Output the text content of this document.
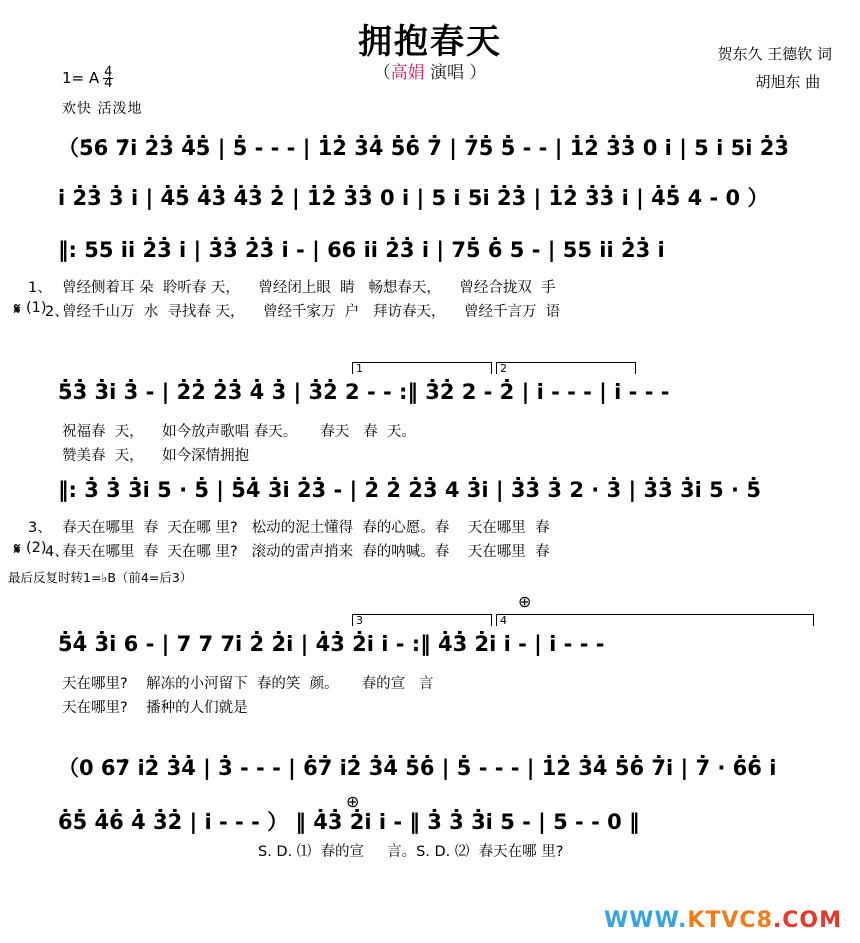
拥抱春天
（高娟 演唱 ）
贺东久 王德钦 词
胡旭东 曲
1= A $\frac{4}{4}$
欢快 活泼地
（5̇6̇ 7̇i̇ 2̇3̇ 4̇5̇ | 5̇ - - - | 1̇2̇ 3̇4̇ 5̇6̇ 7̇ | 7̇5̇ 5̇ - - | 1̇2̇ 3̇3̇ 0 i̇ | 5 i̇ 5i̇ 2̇3̇
i̇ 2̇3̇ 3̇ i̇ | 4̇5̇ 4̇3̇ 4̇3̇ 2̇ | 1̇2̇ 3̇3̇ 0 i̇ | 5 i̇ 5i̇ 2̇3̇ | 1̇2̇ 3̇3̇ i̇ | 4̇5̇ 4 - 0 ）
‖: 55 i̇i̇ 2̇3̇ i̇ | 3̇3̇ 2̇3̇ i̇ - | 66 i̇i̇ 2̇3̇ i̇ | 75̇ 6̇ 5 - | 55 i̇i̇ 2̇3̇ i̇
𝄋
1、 曾经侧着耳 朵  聆听春 天，    曾经闭上眼  睛   畅想春天，    曾经合拢双  手
(1)
2、
曾经千山万  水  寻找春 天，    曾经千家万  户   拜访春天，    曾经千言万  语
1	2
5̇3̇ 3̇i̇ 3̇ - | 2̇2̇ 2̇3̇ 4̇ 3̇ | 3̇2̇ 2 - - :‖ 3̇2̇ 2 - 2̇ | i̇ - - - | i̇ - - -
祝福春  天，    如今放声歌唱 春天。     春天   春  天。
赞美春  天，    如今深情拥抱
‖: 3̇ 3̇ 3̇i̇ 5 · 5̇ | 5̇4̇ 3̇i̇ 2̇3̇ - | 2̇ 2̇ 2̇3̇ 4 3̇i̇ | 3̇3̇ 3̇ 2 · 3̇ | 3̇3̇ 3̇i̇ 5 · 5̇
𝄋
3、 春天在哪里  春  天在哪 里?   松动的泥土懂得  春的心愿。春    天在哪里  春
(2)
4、
春天在哪里  春  天在哪 里?   滚动的雷声捎来  春的呐喊。春    天在哪里  春
最后反复时转1=♭B（前4=后3）
⊕
3	4
5̇4̇ 3̇i̇ 6 - | 7 7 7i̇ 2̇ 2̇i̇ | 4̇3̇ 2̇i̇ i̇ - :‖ 4̇3̇ 2̇i̇ i̇ - | i̇ - - -
天在哪里?    解冻的小河留下  春的笑  颜。     春的宣   言
天在哪里?    播种的人们就是
（0 6̇7̇ i̇2̇ 3̇4̇ | 3̇ - - - | 6̇7̇ i̇2̇ 3̇4̇ 5̇6̇ | 5̇ - - - | 1̇2̇ 3̇4̇ 5̇6̇ 7̇i̇ | 7̇ · 6̇6̇ i̇
⊕
6̇5̇ 4̇6̇ 4̇ 3̇2̇ | i̇ - - - ） ‖ 4̇3̇ 2̇i̇ i̇ - ‖ 3̇ 3̇ 3̇i̇ 5 - | 5 - - 0 ‖
S. D. ⑴  春的宣     言。S. D. ⑵  春天在哪 里?
WWW.KTVC8.COM
